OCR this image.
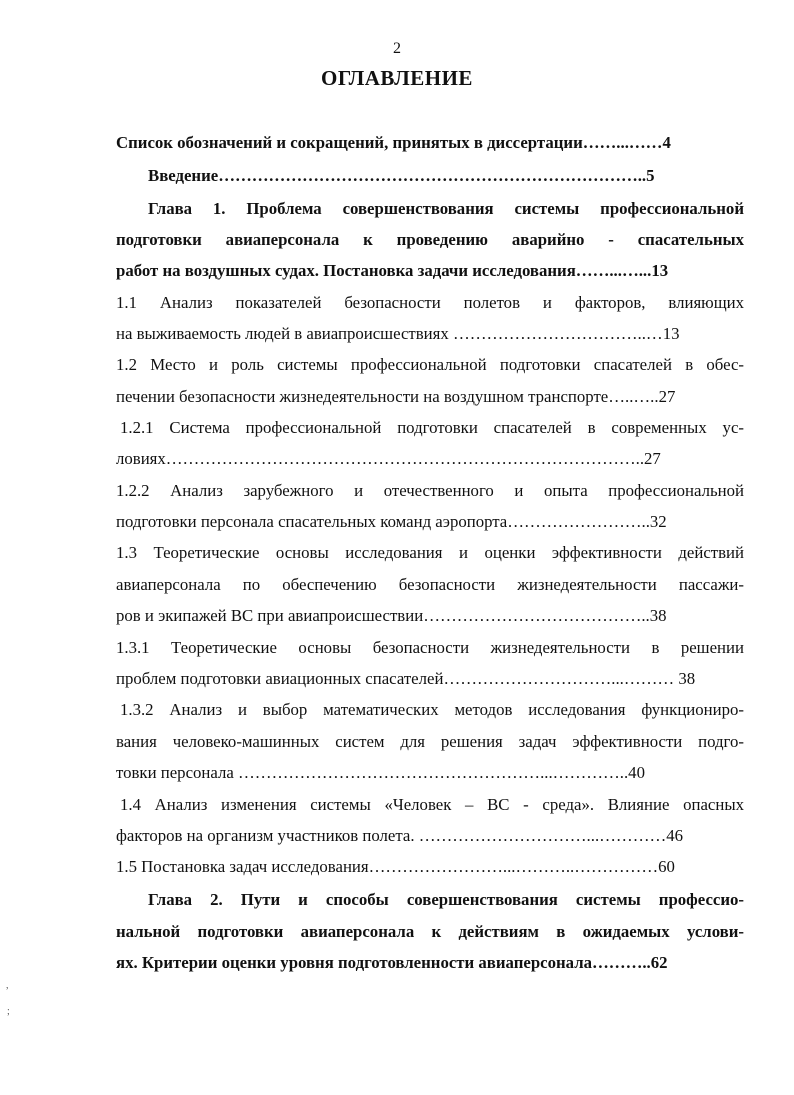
2
ОГЛАВЛЕНИЕ
Список обозначений и сокращений, принятых в диссертации……...……4
Введение…………………………………………………………………..5
Глава 1. Проблема совершенствования системы профессиональной
подготовки авиаперсонала к проведению аварийно - спасательных
работ на воздушных судах. Постановка задачи исследования……...…...13
1.1 Анализ показателей безопасности полетов и факторов, влияющих
на выживаемость людей в авиапроисшествиях ……………………………..…13
1.2 Место и роль системы профессиональной подготовки спасателей в обес-
печении безопасности жизнедеятельности на воздушном транспорте…..…..27
1.2.1 Система профессиональной подготовки спасателей в современных ус-
ловиях…………………………………………………………………………..27
1.2.2 Анализ зарубежного и отечественного и опыта профессиональной
подготовки персонала спасательных команд аэропорта……………………..32
1.3 Теоретические основы исследования и оценки эффективности действий
авиаперсонала по обеспечению безопасности жизнедеятельности пассажи-
ров и экипажей ВС при авиапроисшествии…………………………………..38
1.3.1 Теоретические основы безопасности жизнедеятельности в решении
проблем подготовки авиационных спасателей…………………………...……… 38
1.3.2 Анализ и выбор математических методов исследования функциониро-
вания человеко-машинных систем для решения задач эффективности подго-
товки персонала ………………………………………………...…………..40
1.4 Анализ изменения системы «Человек – ВС - среда». Влияние опасных
факторов на организм участников полета. …………………………...…………46
1.5 Постановка задач исследования……………………...………..……………60
Глава 2. Пути и способы совершенствования системы профессио-
нальной подготовки авиаперсонала к действиям в ожидаемых услови-
ях. Критерии оценки уровня подготовленности авиаперсонала………..62
,
;
